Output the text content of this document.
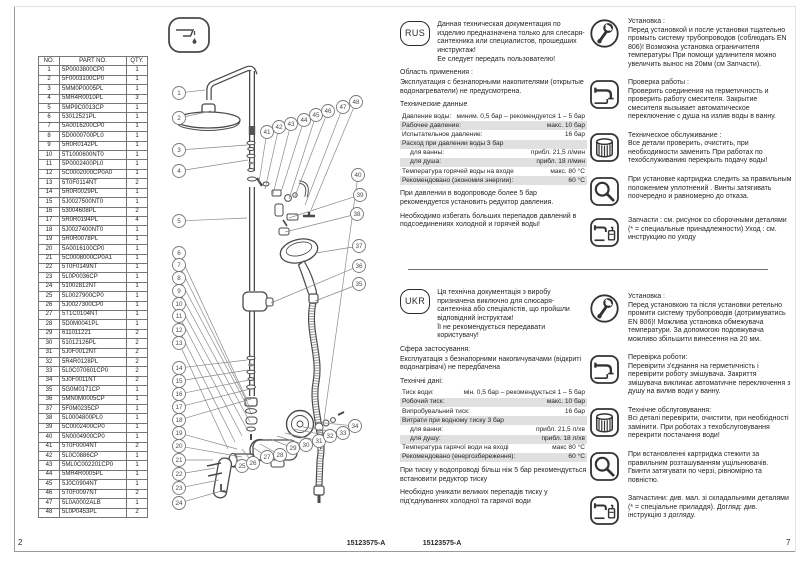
NO.	PART NO.	QTY.
1	5P0003800CP0	1
2	5F0003100CP0	1
3	5MM0P0005PL	1
4	5MR4R0010PL	3
5	5MP9C0013CP	1
6	53012521PL	1
7	5A0016200CP0	1
8	5D0000700PL0	1
9	5R0R0142PL	1
10	5T1000600NT0	1
11	5P0002400PL0	1
12	5C0002000CP0A0	1
13	5T0F0114NT	2
14	5R0R0029PL	1
15	5J0027500NT0	1
16	53004608PL	2
17	5R0R0194PL	4
18	5J0027400NT0	1
19	5R0R0078PL	1
20	5A0016100CP0	1
21	5C0008000CP0A1	1
22	5T0F0149NT	1
23	5L0P0036CP	1
24	51002812NT	1
25	5L0027900CP0	1
26	5J0027300CP0	1
27	5T1C0104NT	1
28	5D0M0041PL	1
29	611011221	2
30	51012126PL	2
31	5J0F0012NT	2
32	5R4R0128PL	2
33	5L0C070601CP0	2
34	5J0F0011NT	2
35	5G0M0171CP	1
36	5MN0M0005CP	1
37	5F0M0235CP	1
38	5L0004800PL0	1
39	5C0002400CP0	1
40	5N0004900CP0	1
41	5T0F0004NT	2
42	5L0C0886CP	1
43	5ML0C002201CP0	1
44	5MR4R0005PL	1
45	5J0C0904NT	1
46	5T0F0097NT	2
47	5L0A0002ALB	1
48	5L0P0453PL	2
1
2
3
4
5
6
7
8
9
10
11
12
13
14
15
16
17
18
19
20
21
22
23
24
25 26
27 28
29 30
31
32 33
34
35
36
37
38
39
40
41
42 43
44
45
46
47
48
RUS
Данная техническая документация по изделию предназначена только для слесаря-сантехника или специалистов, прошедших инструктаж!
Ее следует передать пользователю!
Область применения :
Эксплуатация с безнапорными накопителями (открытые водонагреватели) не предусмотрена.
Технические данные
Давление воды: миним. 0,5 бар – рекомендуется 1 – 5 бар
Рабочее давление:	макс. 10 бар
Испытательное давление:	16 бар
Расход при давлении воды 3 бар
для ванны:	прибл. 21,5 л/мин
для душа:	прибл. 18 л/мин
Температура горячей воды на входе	макс. 80 °C
Рекомендовано (экономия энергии):	60 °C
При давлении в водопроводе более 5 бар рекомендуется установить редуктор давления.
Необходимо избегать больших перепадов давлений в подсоединениях холодной и горячей воды!
UKR
Ця технічна документація з виробу призначена виключно для слюсаря-сантехніка або спеціалістів, що пройшли відповідний інструктаж!
Її не рекомендується передавати користувачу!
Сфера застосування:
Експлуатація з безнапорними накопичувачами (відкриті водонагрівачі) не передбачена
Технічні дані:
Тиск води:	мін. 0,5 бар – рекомендується 1 – 5 бар
Робочий тиск:	макс. 10 бар
Випробувальний тиск:	16 бар
Витрати при водному тиску 3 бар
для ванни:	прибл. 21,5 л/хв
для душу:	прибл. 18 л/хв
Температура гарячої води на вході	макс 80 °C
Рекомендовано (енергозбереження):	60 °C
При тиску у водопроводі більш ніж 5 бар рекомендується встановити редуктор тиску
Необхідно уникати великих перепадів тиску у під'єднуваннях холодної та гарячої води
Установка :
Перед установкой и после установки тщательно промыть систему трубопроводов (соблюдать EN 806)! Возможна установка ограничителя температуры При помощи удлинителя можно увеличить вынос на 20мм (см Запчасти).
Проверка работы :
Проверить соединения на герметичность и проверить работу смесителя. Закрытие смесителя вызывает автоматическое переключение с душа на излив воды в ванну.
Техническое обслуживание :
Все детали проверить, очистить, при необходимости заменить При работах по техобслуживанию перекрыть подачу воды!
При установке картриджа следить за правильным положением уплотнений . Винты затягивать поочередно и равномерно до отказа.
Запчасти : см. рисунок со сборочными деталями (* = специальные принадлежности) Уход : см. инструкцию по уходу
Установка :
Перед установкою та після установки ретельно промити систему трубопроводів (дотримуватись EN 806)! Можлива установка обмежувача температури. За допомогою подовжувача можливо збільшити винесення на 20 мм.
Перевірка роботи:
Перевірити з'єднання на герметичність і перевірити роботу змішувача. Закриття змішувача викликає автоматичне переключення з душу на вилив води у ванну.
Технічне обслуговування:
Всі деталі перевірити, очистити, при необхідності замінити. При роботах з техобслуговування перекрити постачання води!
При встановленні картриджа стежити за правильним розташуванням ущільнювачів. Гвинти затягувати по черзі, рівномірно та повністю.
Запчастини: див. мал. зі складальними деталями (* = спеціальне приладдя). Догляд: див. інструкцію з догляду.
2	15123575-A	15123575-A	7
